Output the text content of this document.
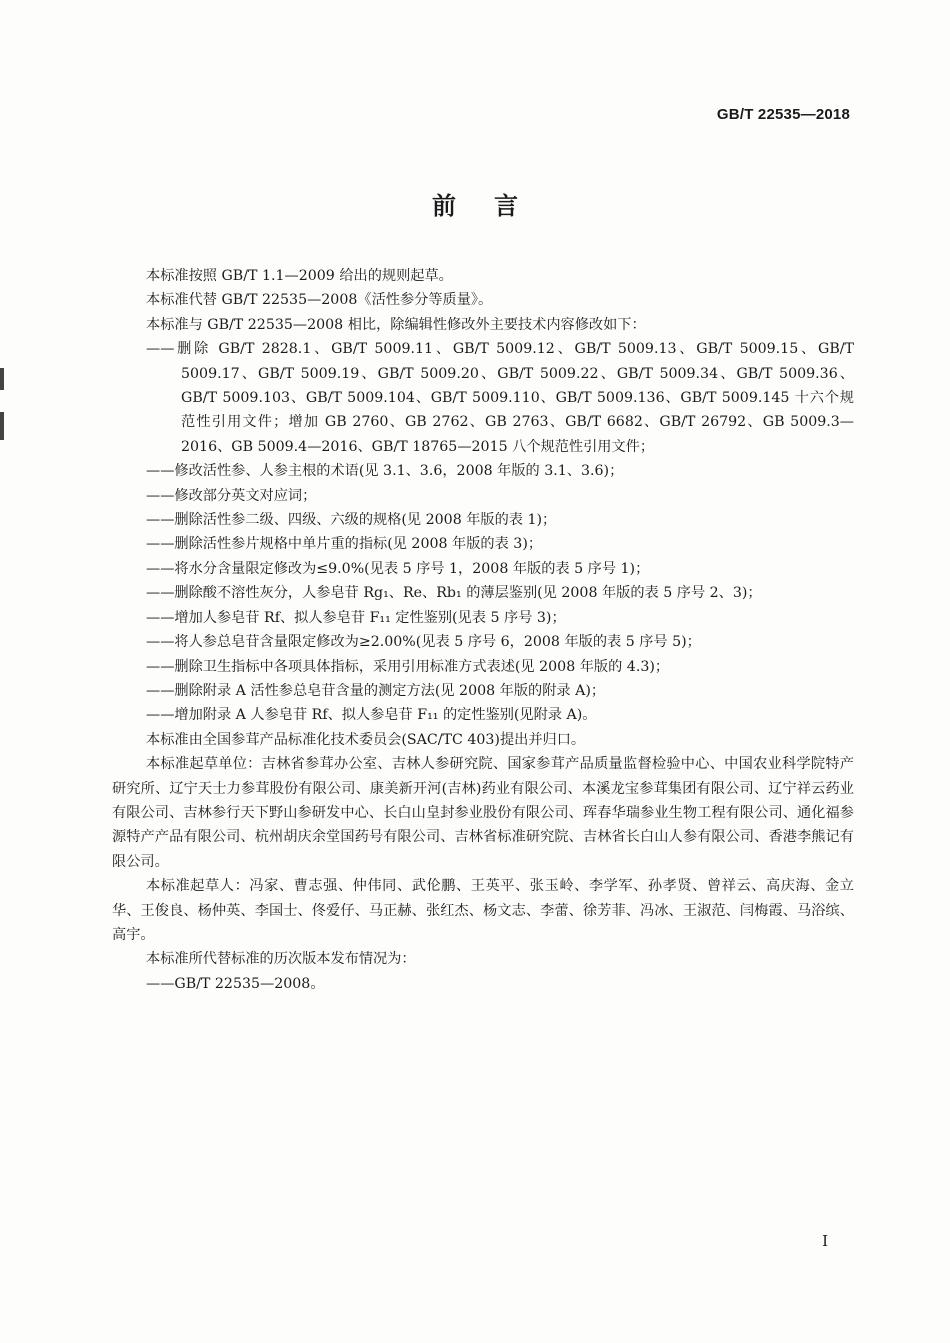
GB/T 22535—2018
前言

本标准按照 GB/T 1.1—2009 给出的规则起草。

本标准代替 GB/T 22535—2008《活性参分等质量》。

本标准与 GB/T 22535—2008 相比，除编辑性修改外主要技术内容修改如下：

——删除 GB/T 2828.1、GB/T 5009.11、GB/T 5009.12、GB/T 5009.13、GB/T 5009.15、GB/T 5009.17、GB/T 5009.19、GB/T 5009.20、GB/T 5009.22、GB/T 5009.34、GB/T 5009.36、GB/T 5009.103、GB/T 5009.104、GB/T 5009.110、GB/T 5009.136、GB/T 5009.145 十六个规范性引用文件；增加 GB 2760、GB 2762、GB 2763、GB/T 6682、GB/T 26792、GB 5009.3—2016、GB 5009.4—2016、GB/T 18765—2015 八个规范性引用文件；

——修改活性参、人参主根的术语(见 3.1、3.6，2008 年版的 3.1、3.6)；

——修改部分英文对应词；

——删除活性参二级、四级、六级的规格(见 2008 年版的表 1)；

——删除活性参片规格中单片重的指标(见 2008 年版的表 3)；

——将水分含量限定修改为≤9.0%(见表 5 序号 1，2008 年版的表 5 序号 1)；

——删除酸不溶性灰分，人参皂苷 Rg₁、Re、Rb₁ 的薄层鉴别(见 2008 年版的表 5 序号 2、3)；

——增加人参皂苷 Rf、拟人参皂苷 F₁₁ 定性鉴别(见表 5 序号 3)；

——将人参总皂苷含量限定修改为≥2.00%(见表 5 序号 6，2008 年版的表 5 序号 5)；

——删除卫生指标中各项具体指标，采用引用标准方式表述(见 2008 年版的 4.3)；

——删除附录 A 活性参总皂苷含量的测定方法(见 2008 年版的附录 A)；

——增加附录 A 人参皂苷 Rf、拟人参皂苷 F₁₁ 的定性鉴别(见附录 A)。

本标准由全国参茸产品标准化技术委员会(SAC/TC 403)提出并归口。

本标准起草单位：吉林省参茸办公室、吉林人参研究院、国家参茸产品质量监督检验中心、中国农业科学院特产研究所、辽宁天士力参茸股份有限公司、康美新开河(吉林)药业有限公司、本溪龙宝参茸集团有限公司、辽宁祥云药业有限公司、吉林参行天下野山参研发中心、长白山皇封参业股份有限公司、珲春华瑞参业生物工程有限公司、通化福参源特产产品有限公司、杭州胡庆余堂国药号有限公司、吉林省标准研究院、吉林省长白山人参有限公司、香港李熊记有限公司。

本标准起草人：冯家、曹志强、仲伟同、武伦鹏、王英平、张玉岭、李学军、孙孝贤、曾祥云、高庆海、金立华、王俊良、杨仲英、李国士、佟爱仔、马正赫、张红杰、杨文志、李蕾、徐芳菲、冯冰、王淑范、闫梅霞、马浴缤、高宇。

本标准所代替标准的历次版本发布情况为：

——GB/T 22535—2008。

I
